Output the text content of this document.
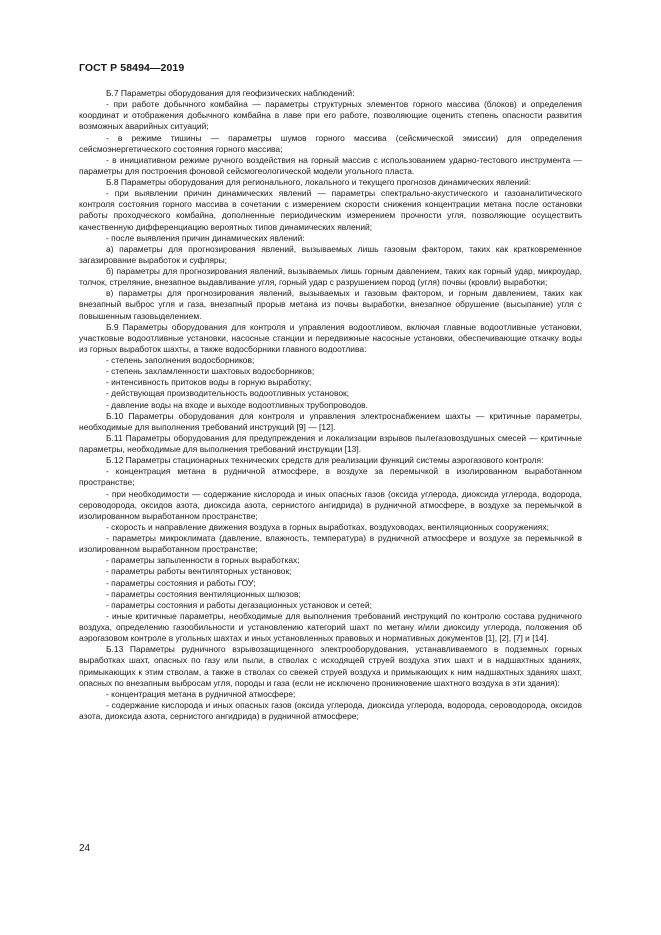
ГОСТ Р 58494—2019

Б.7 Параметры оборудования для геофизических наблюдений:

- при работе добычного комбайна — параметры структурных элементов горного массива (блоков) и определения координат и отображения добычного комбайна в лаве при его работе, позволяющие оценить степень опасности развития возможных аварийных ситуаций;

- в режиме тишины — параметры шумов горного массива (сейсмической эмиссии) для определения сейсмоэнергетического состояния горного массива;

- в инициативном режиме ручного воздействия на горный массив с использованием ударно-тестового инструмента — параметры для построения фоновой сейсмогеологической модели угольного пласта.

Б.8 Параметры оборудования для регионального, локального и текущего прогнозов динамических явлений:

- при выявлении причин динамических явлений — параметры спектрально-акустического и газоаналитического контроля состояния горного массива в сочетании с измерением скорости снижения концентрации метана после остановки работы проходческого комбайна, дополненные периодическим измерением прочности угля, позволяющие осуществить качественную дифференциацию вероятных типов динамических явлений;

- после выявления причин динамических явлений:

а) параметры для прогнозирования явлений, вызываемых лишь газовым фактором, таких как кратковременное загазирование выработок и суфляры;

б) параметры для прогнозирования явлений, вызываемых лишь горным давлением, таких как горный удар, микроудар, толчок, стреляние, внезапное выдавливание угля, горный удар с разрушением пород (угля) почвы (кровли) выработки;

в) параметры для прогнозирования явлений, вызываемых и газовым фактором, и горным давлением, таких как внезапный выброс угля и газа, внезапный прорыв метана из почвы выработки, внезапное обрушение (высыпание) угля с повышенным газовыделением.

Б.9 Параметры оборудования для контроля и управления водоотливом, включая главные водоотливные установки, участковые водоотливные установки, насосные станции и передвижные насосные установки, обеспечивающие откачку воды из горных выработок шахты, а также водосборники главного водоотлива:

- степень заполнения водосборников;

- степень захламленности шахтовых водосборников;

- интенсивность притоков воды в горную выработку;

- действующая производительность водоотливных установок;

- давление воды на входе и выходе водоотливных трубопроводов.

Б.10 Параметры оборудования для контроля и управления электроснабжением шахты — критичные параметры, необходимые для выполнения требований инструкций [9] — [12].

Б.11 Параметры оборудования для предупреждения и локализации взрывов пылегазовоздушных смесей — критичные параметры, необходимые для выполнения требований инструкции [13].

Б.12 Параметры стационарных технических средств для реализации функций системы аэрогазового контроля:

- концентрация метана в рудничной атмосфере, в воздухе за перемычкой в изолированном выработанном пространстве;

- при необходимости — содержание кислорода и иных опасных газов (оксида углерода, диоксида углерода, водорода, сероводорода, оксидов азота, диоксида азота, сернистого ангидрида) в рудничной атмосфере, в воздухе за перемычкой в изолированном выработанном пространстве;

- скорость и направление движения воздуха в горных выработках, воздуховодах, вентиляционных сооружениях;

- параметры микроклимата (давление, влажность, температура) в рудничной атмосфере и воздухе за перемычкой в изолированном выработанном пространстве;

- параметры запыленности в горных выработках;

- параметры работы вентиляторных установок;

- параметры состояния и работы ГОУ;

- параметры состояния вентиляционных шлюзов;

- параметры состояния и работы дегазационных установок и сетей;

- иные критичные параметры, необходимые для выполнения требований инструкций по контролю состава рудничного воздуха, определению газообильности и установлению категорий шахт по метану и/или диоксиду углерода, положения об аэрогазовом контроле в угольных шахтах и иных установленных правовых и нормативных документов [1], [2], [7] и [14].

Б.13 Параметры рудничного взрывозащищенного электрооборудования, устанавливаемого в подземных горных выработках шахт, опасных по газу или пыли, в стволах с исходящей струей воздуха этих шахт и в надшахтных зданиях, примыкающих к этим стволам, а также в стволах со свежей струей воздуха и примыкающих к ним надшахтных зданиях шахт, опасных по внезапным выбросам угля, породы и газа (если не исключено проникновение шахтного воздуха в эти здания):

- концентрация метана в рудничной атмосфере;

- содержание кислорода и иных опасных газов (оксида углерода, диоксида углерода, водорода, сероводорода, оксидов азота, диоксида азота, сернистого ангидрида) в рудничной атмосфере;

24
